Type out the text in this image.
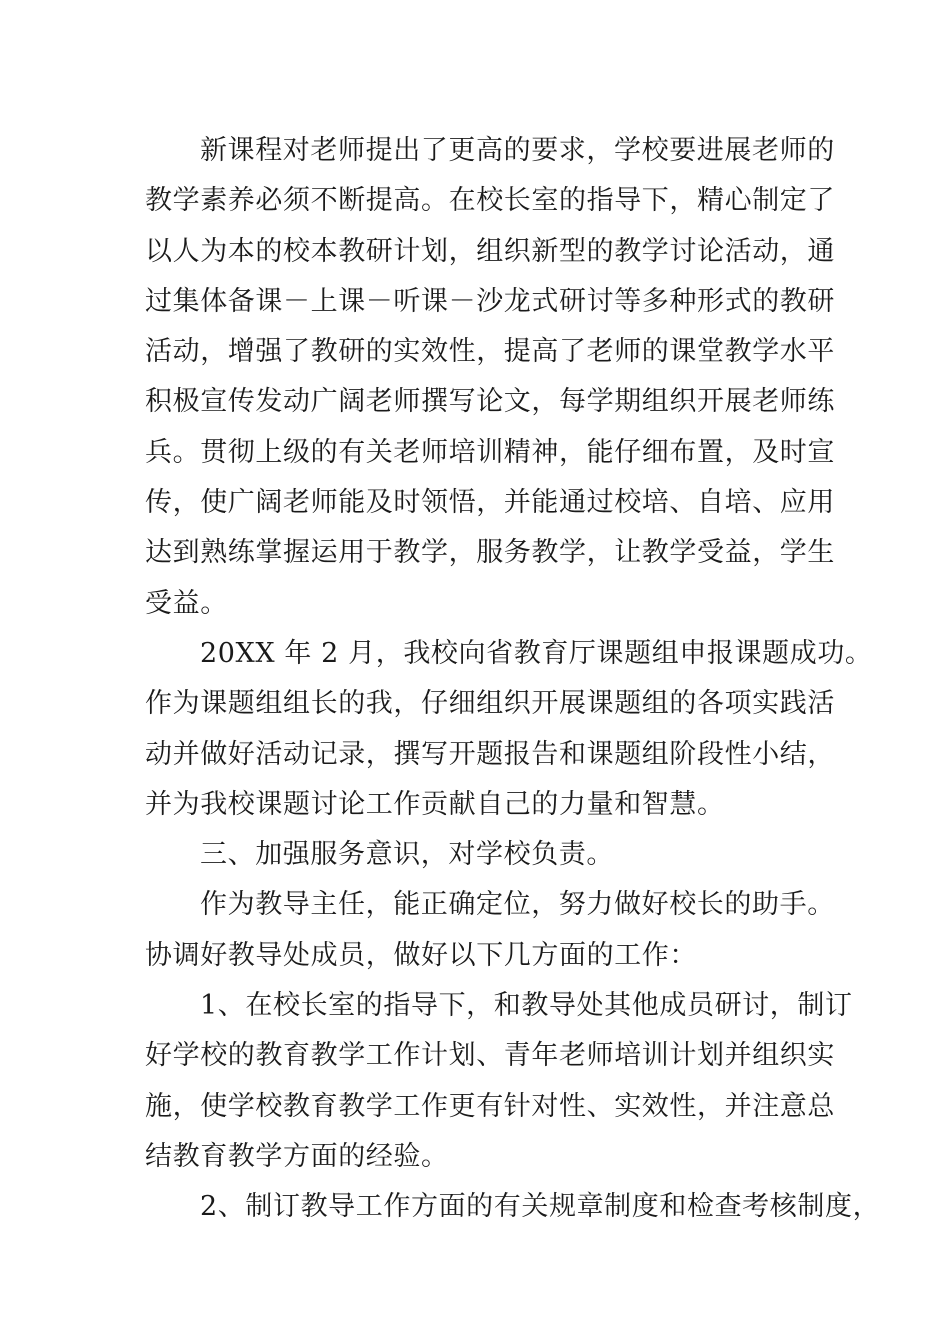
新课程对老师提出了更高的要求，学校要进展老师的
教学素养必须不断提高。在校长室的指导下，精心制定了
以人为本的校本教研计划，组织新型的教学讨论活动，通
过集体备课－上课－听课－沙龙式研讨等多种形式的教研
活动，增强了教研的实效性，提高了老师的课堂教学水平
积极宣传发动广阔老师撰写论文，每学期组织开展老师练
兵。贯彻上级的有关老师培训精神，能仔细布置，及时宣
传，使广阔老师能及时领悟，并能通过校培、自培、应用
达到熟练掌握运用于教学，服务教学，让教学受益，学生
受益。
20XX 年 2 月，我校向省教育厅课题组申报课题成功。
作为课题组组长的我，仔细组织开展课题组的各项实践活
动并做好活动记录，撰写开题报告和课题组阶段性小结，
并为我校课题讨论工作贡献自己的力量和智慧。
三、加强服务意识，对学校负责。
作为教导主任，能正确定位，努力做好校长的助手。
协调好教导处成员，做好以下几方面的工作：
1、在校长室的指导下，和教导处其他成员研讨，制订
好学校的教育教学工作计划、青年老师培训计划并组织实
施，使学校教育教学工作更有针对性、实效性，并注意总
结教育教学方面的经验。
2、制订教导工作方面的有关规章制度和检查考核制度，
